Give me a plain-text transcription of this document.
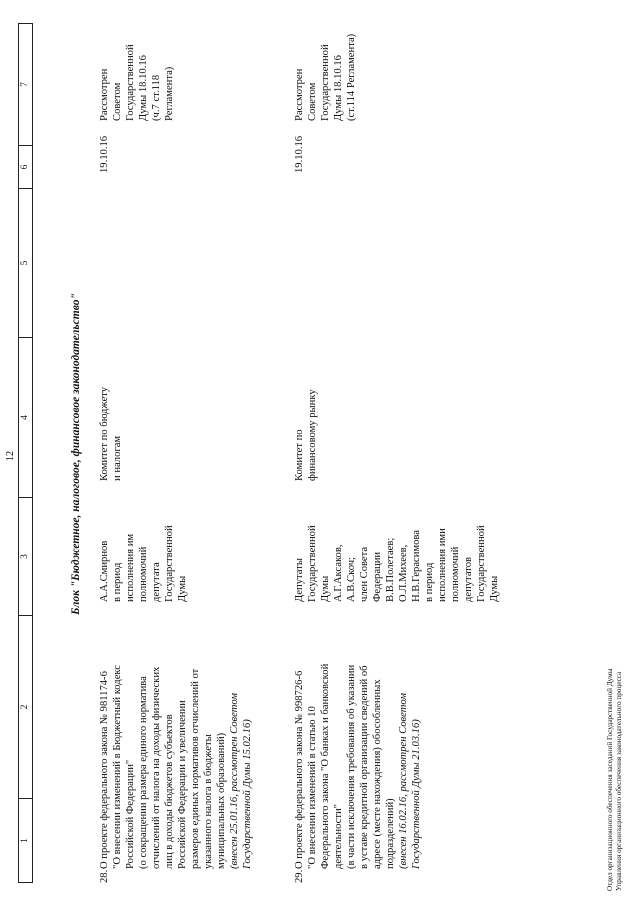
12
1
2
3
4
5
6
7
Блок "Бюджетное, налоговое, финансовое законодательство"
28.
О проекте федерального закона № 981174-6 "О внесении изменений в Бюджетный кодекс Российской Федерации" (о сокращении размера единого норматива отчислений от налога на доходы физических лиц в доходы бюджетов субъектов Российской Федерации и увеличении размеров единых нормативов отчислений от указанного налога в бюджеты муниципальных образований) (внесен 25.01.16, рассмотрен Советом Государственной Думы 15.02.16)
А.А.Смирнов в период исполнения им полномочий депутата Государственной Думы
Комитет по бюджету и налогам
19.10.16
Рассмотрен Советом Государственной Думы 18.10.16 (ч.7 ст.118 Регламента)
29.
О проекте федерального закона № 998726-6 "О внесении изменений в статью 10 Федерального закона "О банках и банковской деятельности" (в части исключения требования об указании в уставе кредитной организации сведений об адресе (месте нахождения) обособленных подразделений) (внесен 16.02.16, рассмотрен Советом Государственной Думы 21.03.16)
Депутаты Государственной Думы А.Г.Аксаков, А.В.Скоч; член Совета Федерации В.В.Полетаев; О.Л.Михеев, Н.В.Герасимова в период исполнения ими полномочий депутатов Государственной Думы
Комитет по финансовому рынку
19.10.16
Рассмотрен Советом Государственной Думы 18.10.16 (ст.114 Регламента)
Отдел организационного обеспечения заседаний Государственной Думы Управления организационного обеспечения законодательного процесса
